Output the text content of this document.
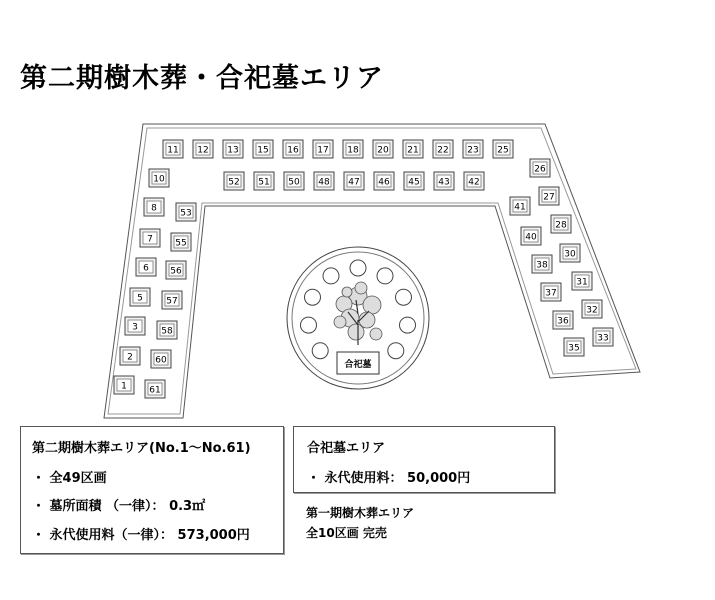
第二期樹木葬・合祀墓エリア
合祀墓
11 12 13 15 16 17 18 20 21 22 23 25
52 51 50 48 47 46 45 43 42
10
8
7
6
5
3
2
1
53
55
56
57
58
60
61
26
27
28
30
31
32
33
41
40
38
37
36
35
第二期樹木葬エリア(No.1～No.61)
・ 全49区画
・ 墓所面積 （一律）： 0.3㎡
・ 永代使用料（一律）： 573,000円
合祀墓エリア
・ 永代使用料： 50,000円
第一期樹木葬エリア
全10区画 完売
